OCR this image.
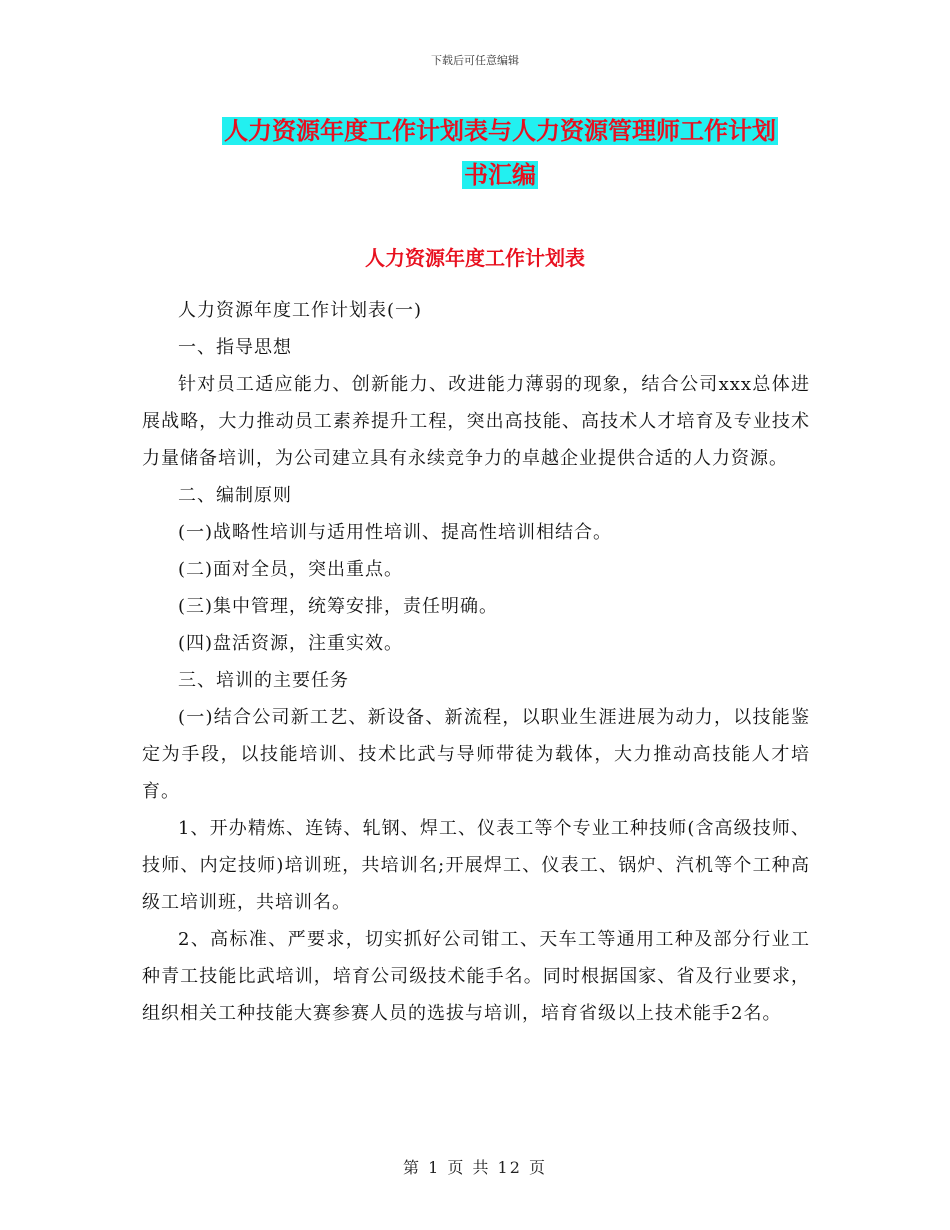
下载后可任意编辑
人力资源年度工作计划表与人力资源管理师工作计划
书汇编
人力资源年度工作计划表

人力资源年度工作计划表(一)

一、指导思想

针对员工适应能力、创新能力、改进能力薄弱的现象，结合公司xxx总体进展战略，大力推动员工素养提升工程，突出高技能、高技术人才培育及专业技术力量储备培训，为公司建立具有永续竞争力的卓越企业提供合适的人力资源。

二、编制原则

(一)战略性培训与适用性培训、提高性培训相结合。

(二)面对全员，突出重点。

(三)集中管理，统筹安排，责任明确。

(四)盘活资源，注重实效。

三、培训的主要任务

(一)结合公司新工艺、新设备、新流程，以职业生涯进展为动力，以技能鉴定为手段，以技能培训、技术比武与导师带徒为载体，大力推动高技能人才培育。

1、开办精炼、连铸、轧钢、焊工、仪表工等个专业工种技师(含高级技师、技师、内定技师)培训班，共培训名;开展焊工、仪表工、锅炉、汽机等个工种高级工培训班，共培训名。

2、高标准、严要求，切实抓好公司钳工、天车工等通用工种及部分行业工种青工技能比武培训，培育公司级技术能手名。同时根据国家、省及行业要求，组织相关工种技能大赛参赛人员的选拔与培训，培育省级以上技术能手2名。

第 1 页 共 12 页
